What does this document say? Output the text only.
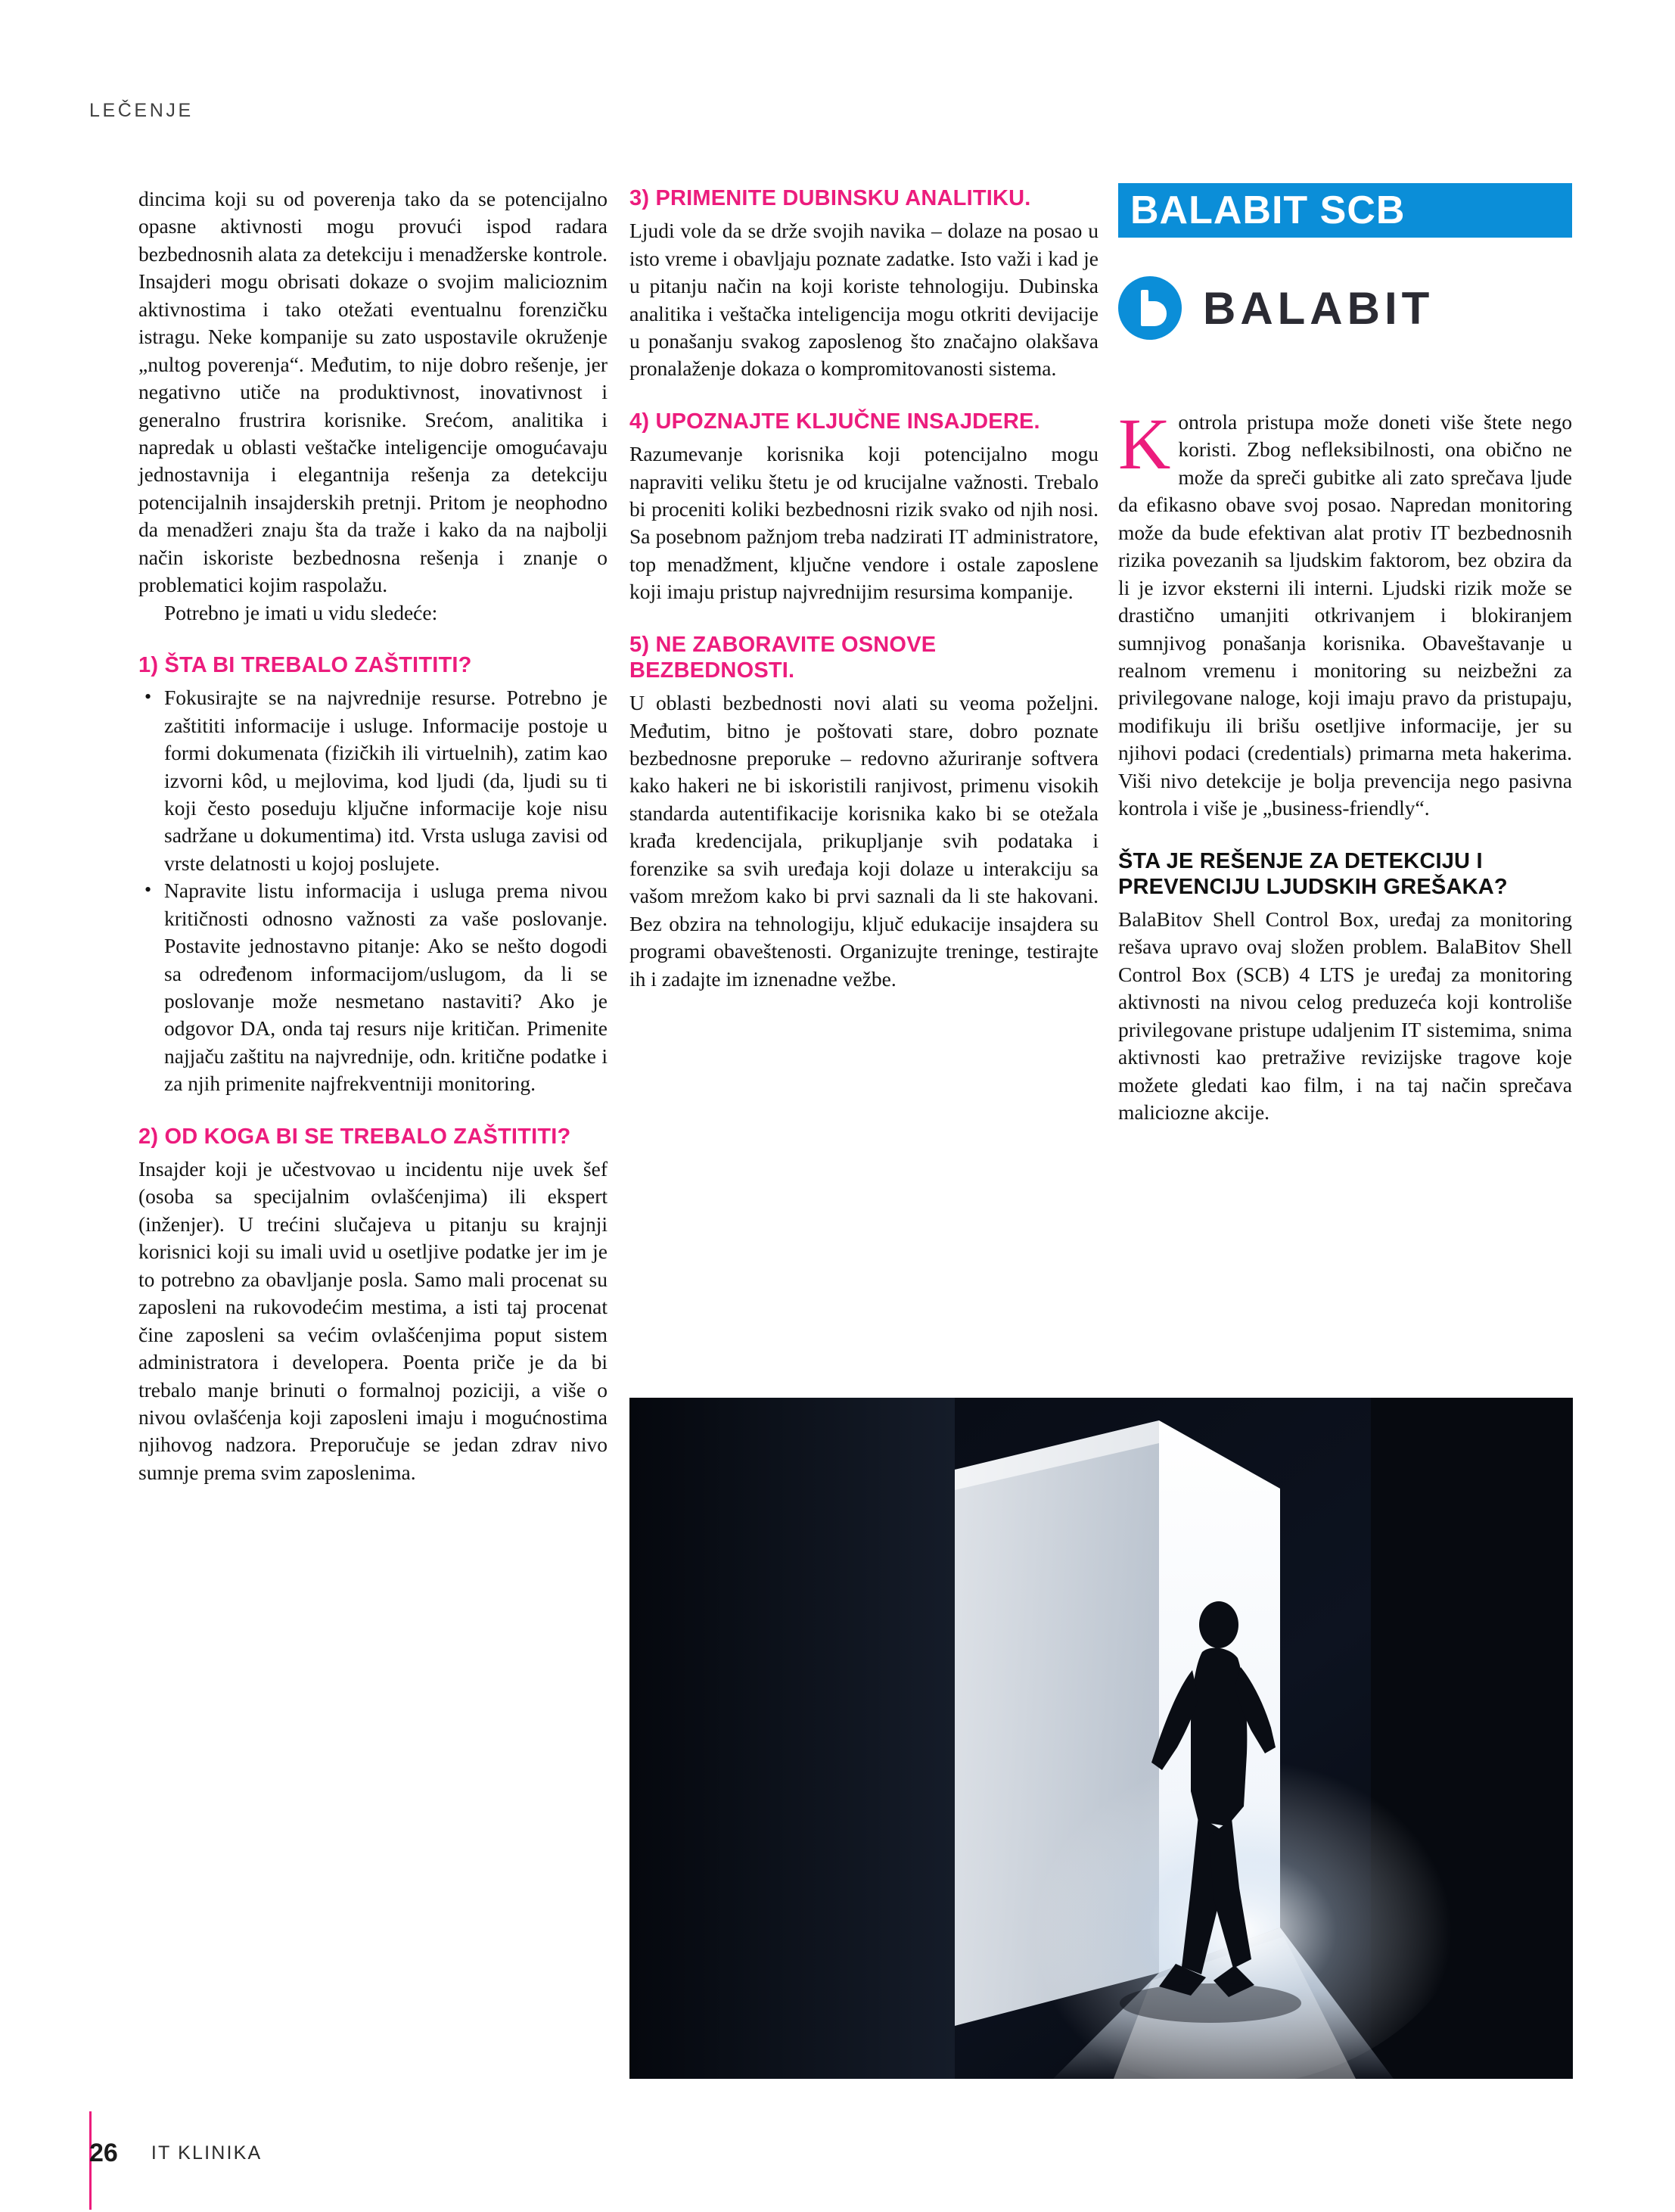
LEČENJE

dincima koji su od poverenja tako da se potencijalno opasne aktivnosti mogu provući ispod radara bezbednosnih alata za detekciju i menadžerske kontrole. Insajderi mogu obrisati dokaze o svojim malicioznim aktivnostima i tako otežati eventualnu forenzičku istragu. Neke kompanije su zato uspostavile okruženje „nultog poverenja“. Međutim, to nije dobro rešenje, jer negativno utiče na produktivnost, inovativnost i generalno frustrira korisnike. Srećom, analitika i napredak u oblasti veštačke inteligencije omogućavaju jednostavnija i elegantnija rešenja za detekciju potencijalnih insajderskih pretnji. Pritom je neophodno da menadžeri znaju šta da traže i kako da na najbolji način iskoriste bezbednosna rešenja i znanje o problematici kojim raspolažu.

Potrebno je imati u vidu sledeće:

1) ŠTA BI TREBALO ZAŠTITITI?
• Fokusirajte se na najvrednije resurse. Potrebno je zaštititi informacije i usluge. Informacije postoje u formi dokumenata (fizičkih ili virtuelnih), zatim kao izvorni kôd, u mejlovima, kod ljudi (da, ljudi su ti koji često poseduju ključne informacije koje nisu sadržane u dokumentima) itd. Vrsta usluga zavisi od vrste delatnosti u kojoj poslujete.
• Napravite listu informacija i usluga prema nivou kritičnosti odnosno važnosti za vaše poslovanje. Postavite jednostavno pitanje: Ako se nešto dogodi sa određenom informacijom/uslugom, da li se poslovanje može nesmetano nastaviti? Ako je odgovor DA, onda taj resurs nije kritičan. Primenite najjaču zaštitu na najvrednije, odn. kritične podatke i za njih primenite najfrekventniji monitoring.
2) OD KOGA BI SE TREBALO ZAŠTITITI?

Insajder koji je učestvovao u incidentu nije uvek šef (osoba sa specijalnim ovlašćenjima) ili ekspert (inženjer). U trećini slučajeva u pitanju su krajnji korisnici koji su imali uvid u osetljive podatke jer im je to potrebno za obavljanje posla. Samo mali procenat su zaposleni na rukovodećim mestima, a isti taj procenat čine zaposleni sa većim ovlašćenjima poput sistem administratora i developera. Poenta priče je da bi trebalo manje brinuti o formalnoj poziciji, a više o nivou ovlašćenja koji zaposleni imaju i mogućnostima njihovog nadzora. Preporučuje se jedan zdrav nivo sumnje prema svim zaposlenima.

3) PRIMENITE DUBINSKU ANALITIKU.

Ljudi vole da se drže svojih navika – dolaze na posao u isto vreme i obavljaju poznate zadatke. Isto važi i kad je u pitanju način na koji koriste tehnologiju. Dubinska analitika i veštačka inteligencija mogu otkriti devijacije u ponašanju svakog zaposlenog što značajno olakšava pronalaženje dokaza o kompromitovanosti sistema.

4) UPOZNAJTE KLJUČNE INSAJDERE.

Razumevanje korisnika koji potencijalno mogu napraviti veliku štetu je od krucijalne važnosti. Trebalo bi proceniti koliki bezbednosni rizik svako od njih nosi. Sa posebnom pažnjom treba nadzirati IT administratore, top menadžment, ključne vendore i ostale zaposlene koji imaju pristup najvrednijim resursima kompanije.

5) NE ZABORAVITE OSNOVE BEZBEDNOSTI.

U oblasti bezbednosti novi alati su veoma poželjni. Međutim, bitno je poštovati stare, dobro poznate bezbednosne preporuke – redovno ažuriranje softvera kako hakeri ne bi iskoristili ranjivost, primenu visokih standarda autentifikacije korisnika kako bi se otežala krađa kredencijala, prikupljanje svih podataka i forenzike sa svih uređaja koji dolaze u interakciju sa vašom mrežom kako bi prvi saznali da li ste hakovani. Bez obzira na tehnologiju, ključ edukacije insajdera su programi obaveštenosti. Organizujte treninge, testirajte ih i zadajte im iznenadne vežbe.

BALABIT SCB
BALABIT

Kontrola pristupa može doneti više štete nego koristi. Zbog nefleksibilnosti, ona obično ne može da spreči gubitke ali zato sprečava ljude da efikasno obave svoj posao. Napredan monitoring može da bude efektivan alat protiv IT bezbednosnih rizika povezanih sa ljudskim faktorom, bez obzira da li je izvor eksterni ili interni. Ljudski rizik može se drastično umanjiti otkrivanjem i blokiranjem sumnjivog ponašanja korisnika. Obaveštavanje u realnom vremenu i monitoring su neizbežni za privilegovane naloge, koji imaju pravo da pristupaju, modifikuju ili brišu osetljive informacije, jer su njihovi podaci (credentials) primarna meta hakerima. Viši nivo detekcije je bolja prevencija nego pasivna kontrola i više je „business-friendly“.

ŠTA JE REŠENJE ZA DETEKCIJU I PREVENCIJU LJUDSKIH GREŠAKA?

BalaBitov Shell Control Box, uređaj za monitoring rešava upravo ovaj složen problem. BalaBitov Shell Control Box (SCB) 4 LTS je uređaj za monitoring aktivnosti na nivou celog preduzeća koji kontroliše privilegovane pristupe udaljenim IT sistemima, snima aktivnosti kao pretražive revizijske tragove koje možete gledati kao film, i na taj način sprečava maliciozne akcije.

26	IT KLINIKA
